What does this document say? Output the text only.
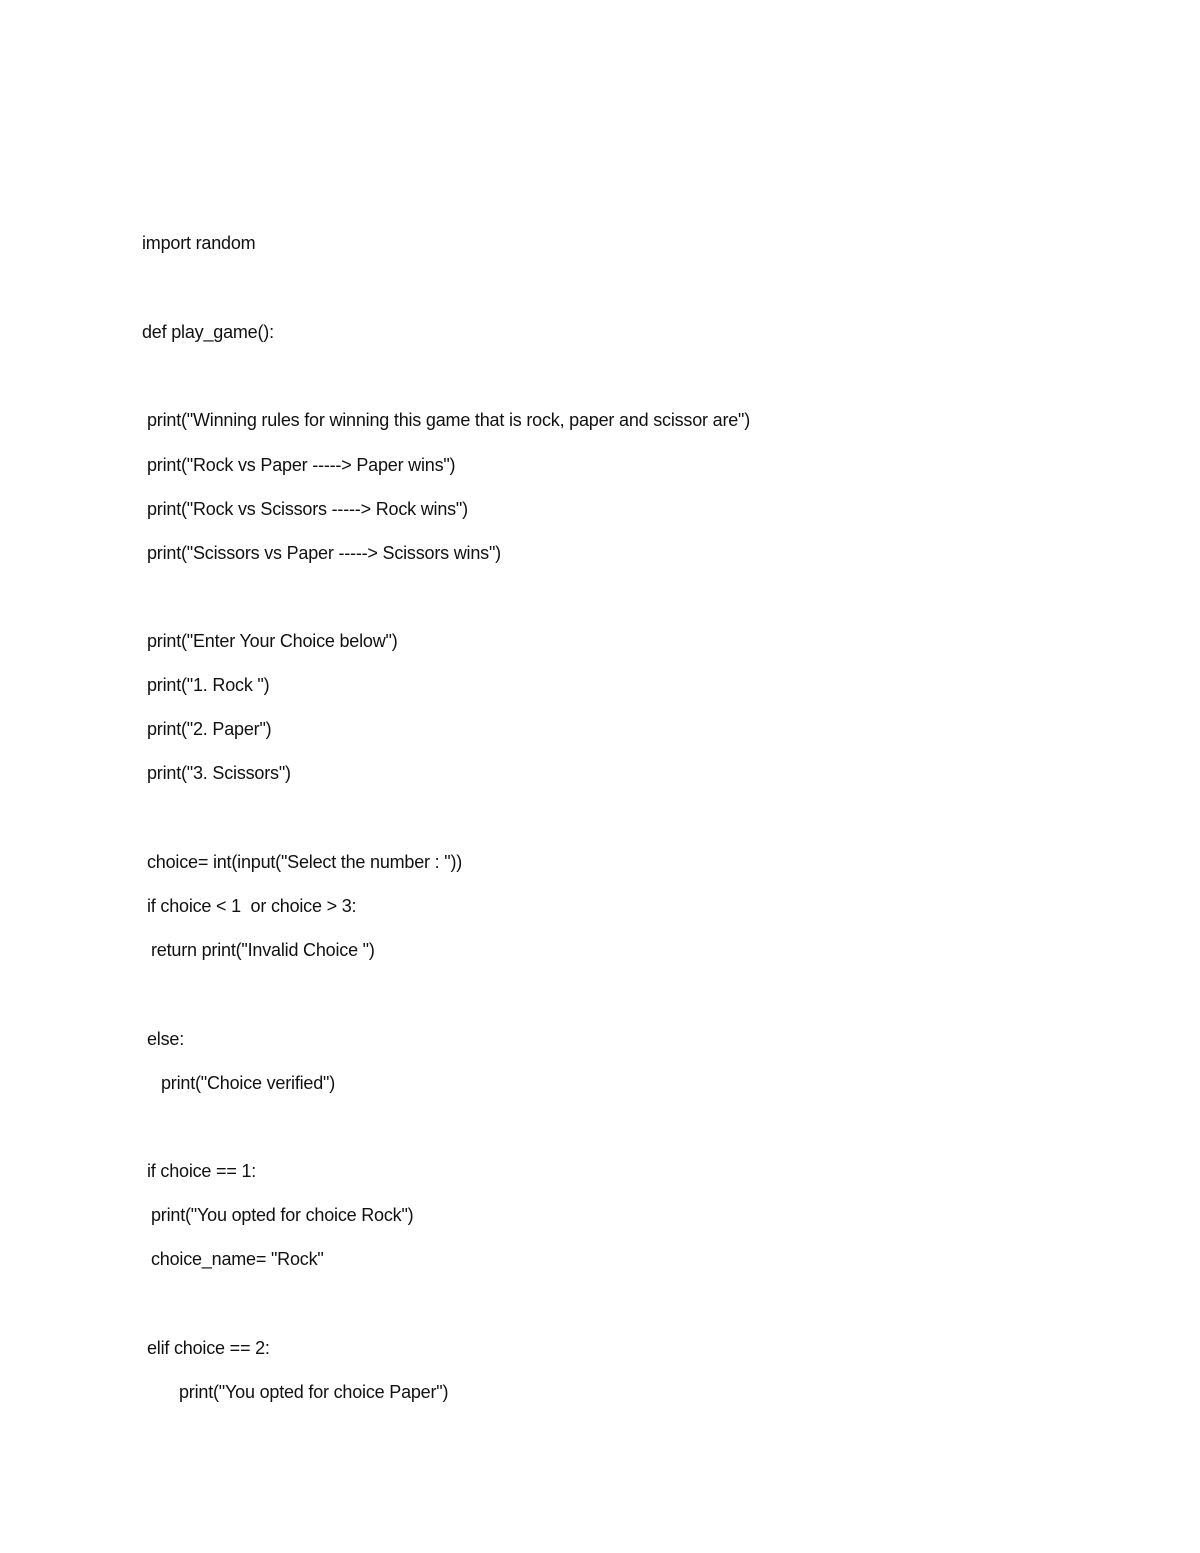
import random
def play_game():
print("Winning rules for winning this game that is rock, paper and scissor are")
print("Rock vs Paper -----> Paper wins")
print("Rock vs Scissors -----> Rock wins")
print("Scissors vs Paper -----> Scissors wins")
print("Enter Your Choice below")
print("1. Rock ")
print("2. Paper")
print("3. Scissors")
choice= int(input("Select the number : "))
if choice < 1  or choice > 3:
return print("Invalid Choice ")
else:
print("Choice verified")
if choice == 1:
print("You opted for choice Rock")
choice_name= "Rock"
elif choice == 2:
print("You opted for choice Paper")
